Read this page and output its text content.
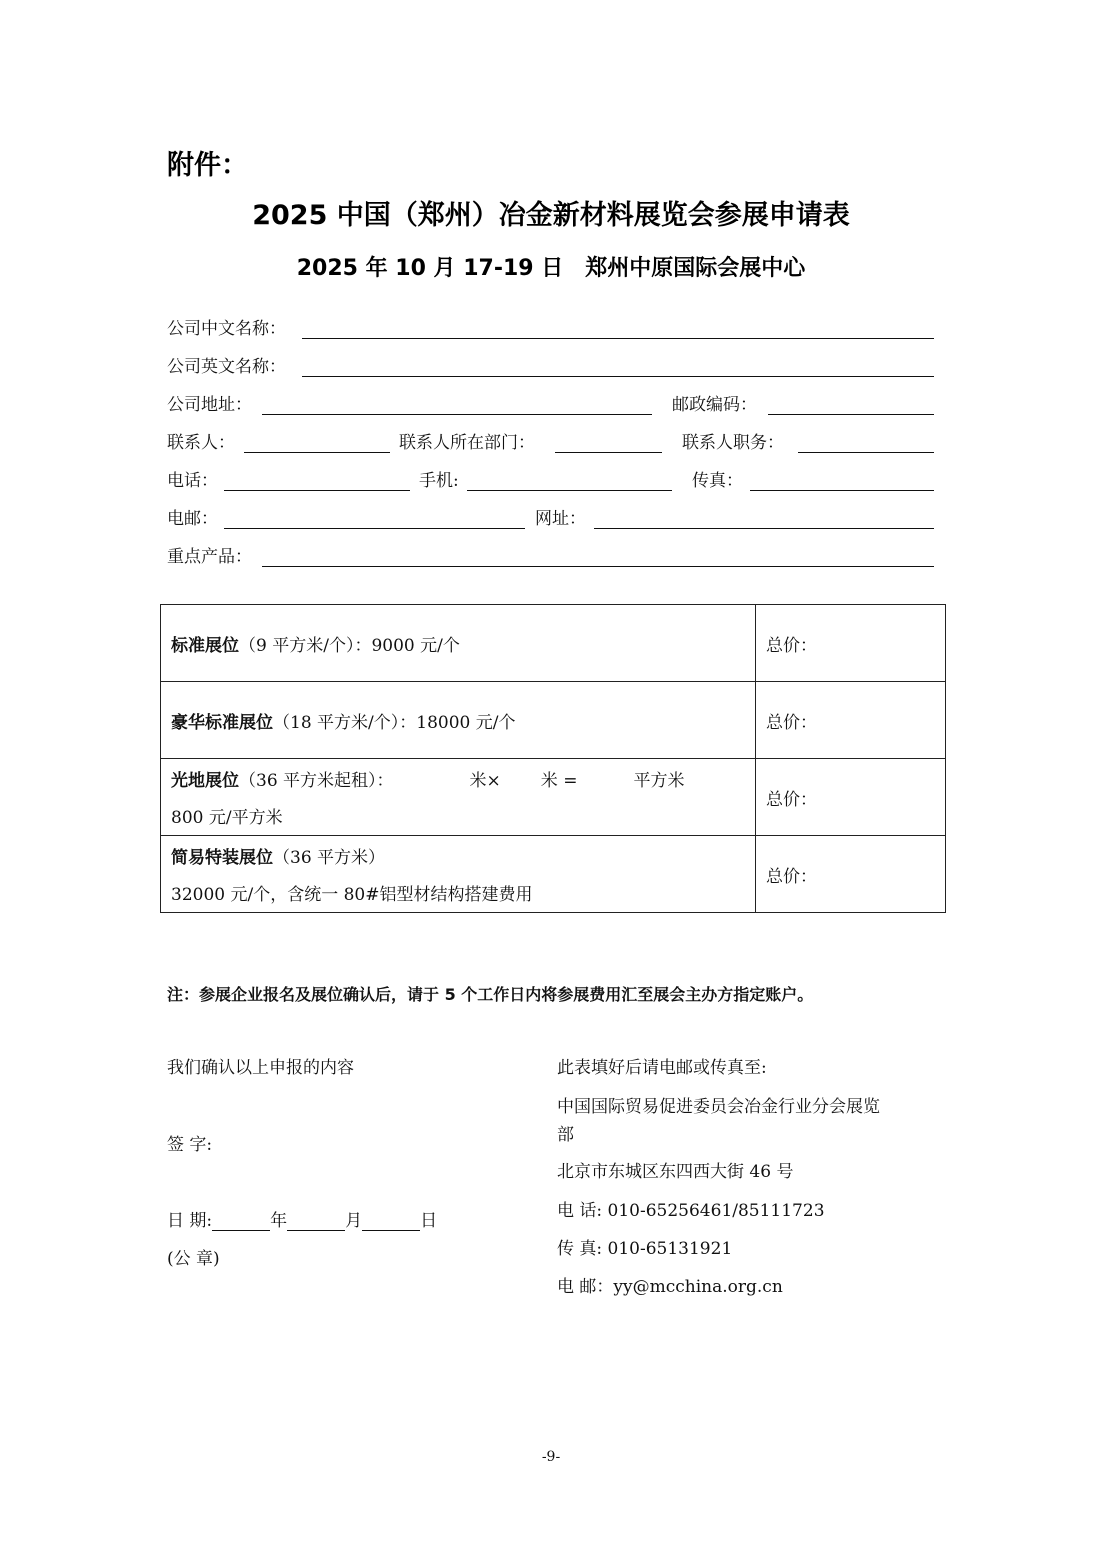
附件：
2025 中国（郑州）冶金新材料展览会参展申请表
2025 年 10 月 17-19 日　郑州中原国际会展中心
公司中文名称：
公司英文名称：
公司地址：	邮政编码：
联系人：	联系人所在部门：	联系人职务：
电话：	手机:	传真：
电邮：	网址：
重点产品：
标准展位（9 平方米/个）：9000 元/个	总价：
豪华标准展位（18 平方米/个）：18000 元/个	总价：
光地展位（36 平方米起租）： 米× 米 = 平方米
800 元/平方米	总价：
简易特装展位（36 平方米）
32000 元/个，含统一 80#铝型材结构搭建费用	总价：
注：参展企业报名及展位确认后，请于 5 个工作日内将参展费用汇至展会主办方指定账户。
我们确认以上申报的内容
签 字:
日 期:	年	月	日
(公 章)
此表填好后请电邮或传真至:
中国国际贸易促进委员会冶金行业分会展览
部
北京市东城区东四西大街 46 号
电 话: 010-65256461/85111723
传 真: 010-65131921
电 邮：yy@mcchina.org.cn
-9-
